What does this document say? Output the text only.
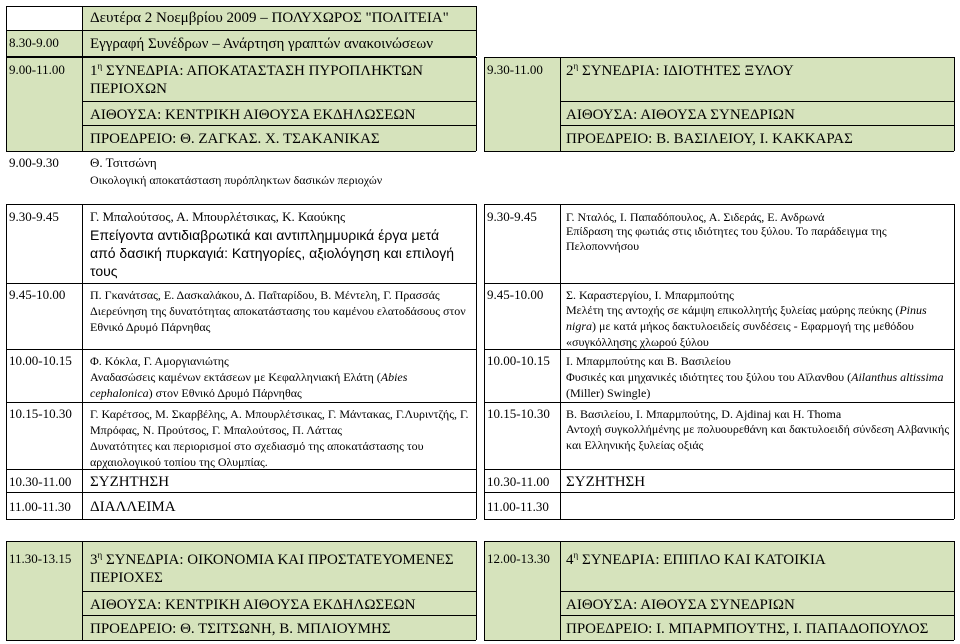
Δευτέρα 2 Νοεμβρίου 2009 – ΠΟΛΥΧΩΡΟΣ "ΠΟΛΙΤΕΙΑ"
8.30-9.00 Εγγραφή Συνέδρων – Ανάρτηση γραπτών ανακοινώσεων
9.00-11.00 $1^\eta$ ΣΥΝΕΔΡΙΑ: ΑΠΟΚΑΤΑΣΤΑΣΗ ΠΥΡΟΠΛΗΚΤΩΝ
ΠΕΡΙΟΧΩΝ
ΑΙΘΟΥΣΑ: ΚΕΝΤΡΙΚΗ ΑΙΘΟΥΣΑ ΕΚΔΗΛΩΣΕΩΝ
ΠΡΟΕΔΡΕΙΟ: Θ. ΖΑΓΚΑΣ. Χ. ΤΣΑΚΑΝΙΚΑΣ
9.00-9.30 Θ. Τσιτσώνη
Οικολογική αποκατάσταση πυρόπληκτων δασικών περιοχών
9.30-9.45 Γ. Μπαλούτσος, Α. Μπουρλέτσικας, Κ. Καούκης
Επείγοντα αντιδιαβρωτικά και αντιπλημμυρικά έργα μετά από δασική πυρκαγιά: Κατηγορίες, αξιολόγηση και επιλογή τους
9.45-10.00 Π. Γκανάτσας, Ε. Δασκαλάκου, Δ. Παΐταρίδου, Β. Μέντελη, Γ. Πρασσάς
Διερεύνηση της δυνατότητας αποκατάστασης του καμένου ελατοδάσους στον Εθνικό Δρυμό Πάρνηθας
10.00-10.15 Φ. Κόκλα, Γ. Αμοργιανιώτης
Αναδασώσεις καμένων εκτάσεων με Κεφαλληνιακή Ελάτη (Abies cephalonica) στον Εθνικό Δρυμό Πάρνηθας
10.15-10.30 Γ. Καρέτσος, Μ. Σκαρβέλης, Α. Μπουρλέτσικας, Γ. Μάντακας, Γ.Λυριντζής, Γ. Μπρόφας, Ν. Προύτσος, Γ. Μπαλούτσος, Π. Λάττας
Δυνατότητες και περιορισμοί στο σχεδιασμό της αποκατάστασης του αρχαιολογικού τοπίου της Ολυμπίας.
10.30-11.00 ΣΥΖΗΤΗΣΗ
11.00-11.30 ΔΙΑΛΛΕΙΜΑ
9.30-11.00 $2^\eta$ ΣΥΝΕΔΡΙΑ: ΙΔΙΟΤΗΤΕΣ ΞΥΛΟΥ
ΑΙΘΟΥΣΑ: ΑΙΘΟΥΣΑ ΣΥΝΕΔΡΙΩΝ
ΠΡΟΕΔΡΕΙΟ: Β. ΒΑΣΙΛΕΙΟΥ, Ι. ΚΑΚΚΑΡΑΣ
9.30-9.45 Γ. Νταλός, Ι. Παπαδόπουλος, Α. Σιδεράς, Ε. Ανδρωνά
Επίδραση της φωτιάς στις ιδιότητες του ξύλου. Το παράδειγμα της Πελοποννήσου
9.45-10.00 Σ. Καραστεργίου, Ι. Μπαρμπούτης
Μελέτη της αντοχής σε κάμψη επικολλητής ξυλείας μαύρης πεύκης (Pinus nigra) με κατά μήκος δακτυλοειδείς συνδέσεις - Εφαρμογή της μεθόδου «συγκόλλησης χλωρού ξύλου
10.00-10.15 Ι. Μπαρμπούτης και Β. Βασιλείου
Φυσικές και μηχανικές ιδιότητες του ξύλου του Αϊλανθου (Ailanthus altissima (Miller) Swingle)
10.15-10.30 Β. Βασιλείου, Ι. Μπαρμπούτης, D. Ajdinaj και H. Thoma
Αντοχή συγκολλήμένης με πολυουρεθάνη και δακτυλοειδή σύνδεση Αλβανικής και Ελληνικής ξυλείας οξιάς
10.30-11.00 ΣΥΖΗΤΗΣΗ
11.00-11.30
11.30-13.15 $3^\eta$ ΣΥΝΕΔΡΙΑ: ΟΙΚΟΝΟΜΙΑ ΚΑΙ ΠΡΟΣΤΑΤΕΥΟΜΕΝΕΣ
ΠΕΡΙΟΧΕΣ
ΑΙΘΟΥΣΑ: ΚΕΝΤΡΙΚΗ ΑΙΘΟΥΣΑ ΕΚΔΗΛΩΣΕΩΝ
ΠΡΟΕΔΡΕΙΟ: Θ. ΤΣΙΤΣΩΝΗ, Β. ΜΠΛΙΟΥΜΗΣ
12.00-13.30 $4^\eta$ ΣΥΝΕΔΡΙΑ: ΕΠΙΠΛΟ ΚΑΙ ΚΑΤΟΙΚΙΑ
ΑΙΘΟΥΣΑ: ΑΙΘΟΥΣΑ ΣΥΝΕΔΡΙΩΝ
ΠΡΟΕΔΡΕΙΟ: Ι. ΜΠΑΡΜΠΟΥΤΗΣ, Ι. ΠΑΠΑΔΟΠΟΥΛΟΣ
